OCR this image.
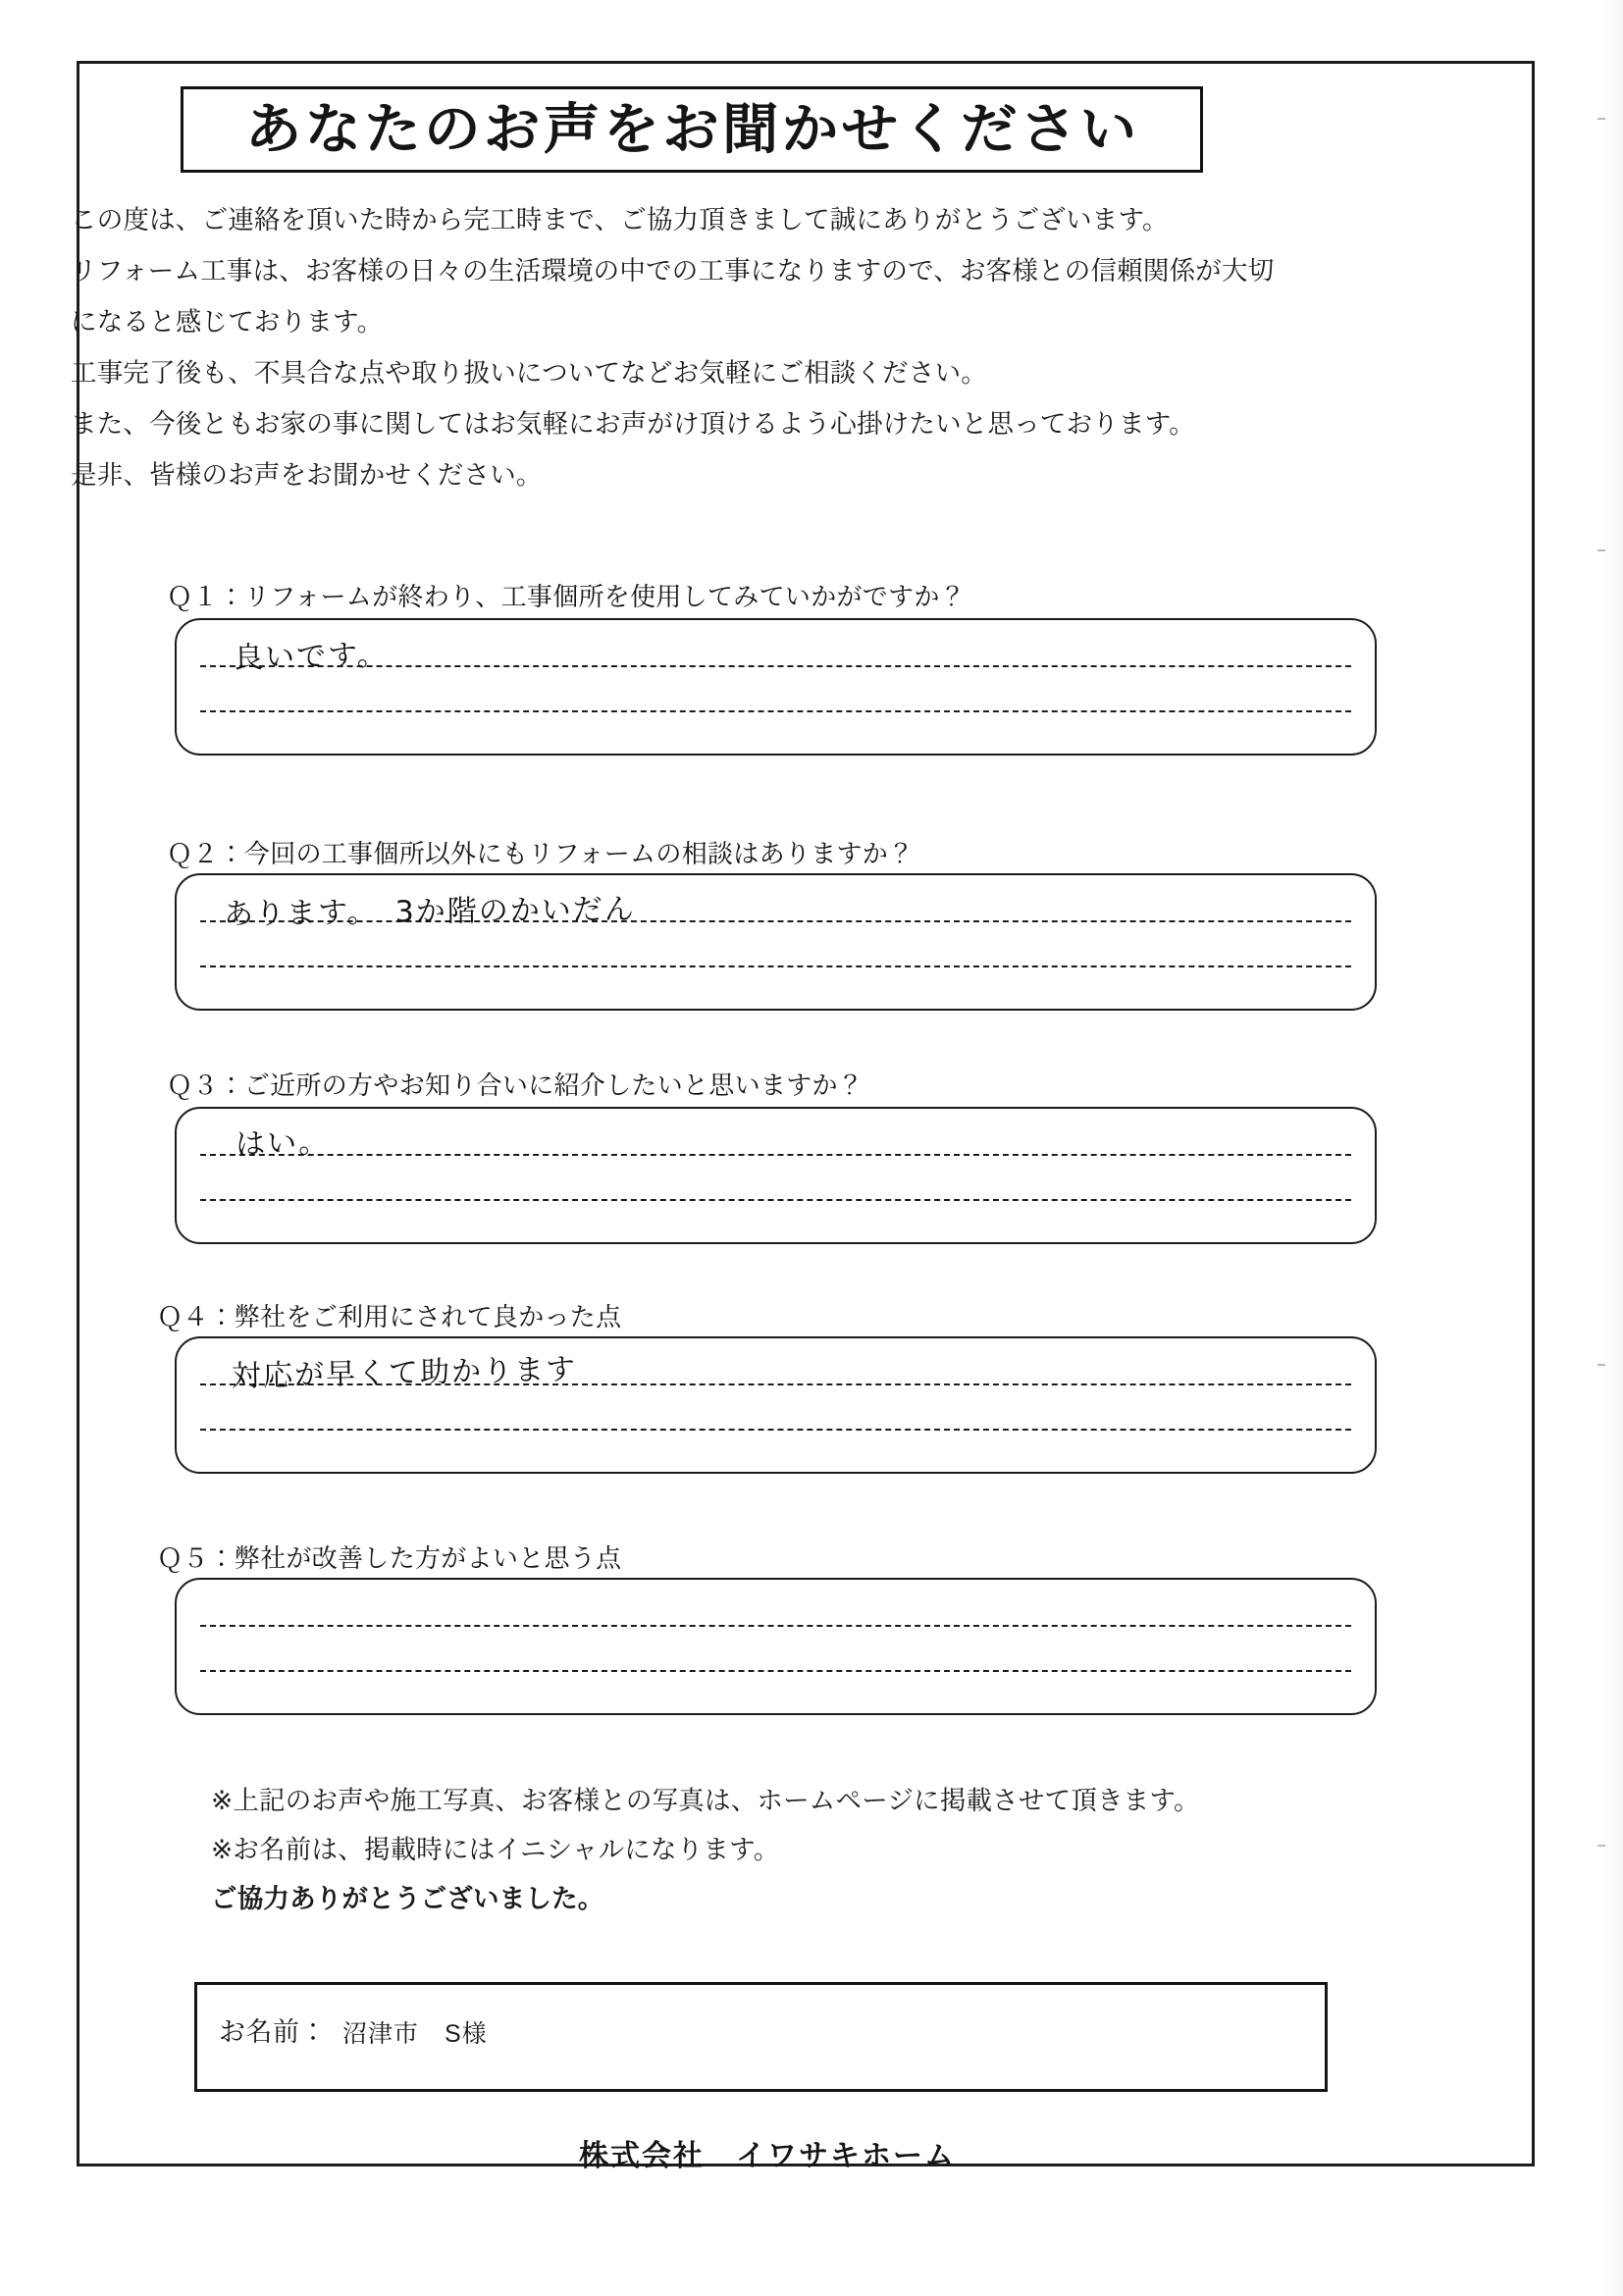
あなたのお声をお聞かせください
この度は、ご連絡を頂いた時から完工時まで、ご協力頂きまして誠にありがとうございます。
リフォーム工事は、お客様の日々の生活環境の中での工事になりますので、お客様との信頼関係が大切
になると感じております。
工事完了後も、不具合な点や取り扱いについてなどお気軽にご相談ください。
また、今後ともお家の事に関してはお気軽にお声がけ頂けるよう心掛けたいと思っております。
是非、皆様のお声をお聞かせください。
Ｑ１：リフォームが終わり、工事個所を使用してみていかがですか？
良いです。
Ｑ２：今回の工事個所以外にもリフォームの相談はありますか？
あります。　3か階のかいだん
Ｑ３：ご近所の方やお知り合いに紹介したいと思いますか？
はい。
Ｑ４：弊社をご利用にされて良かった点
対応が早くて助かります
Ｑ５：弊社が改善した方がよいと思う点
※上記のお声や施工写真、お客様との写真は、ホームページに掲載させて頂きます。
※お名前は、掲載時にはイニシャルになります。
ご協力ありがとうございました。
お名前： 沼津市　S様
株式会社　イワサキホーム
